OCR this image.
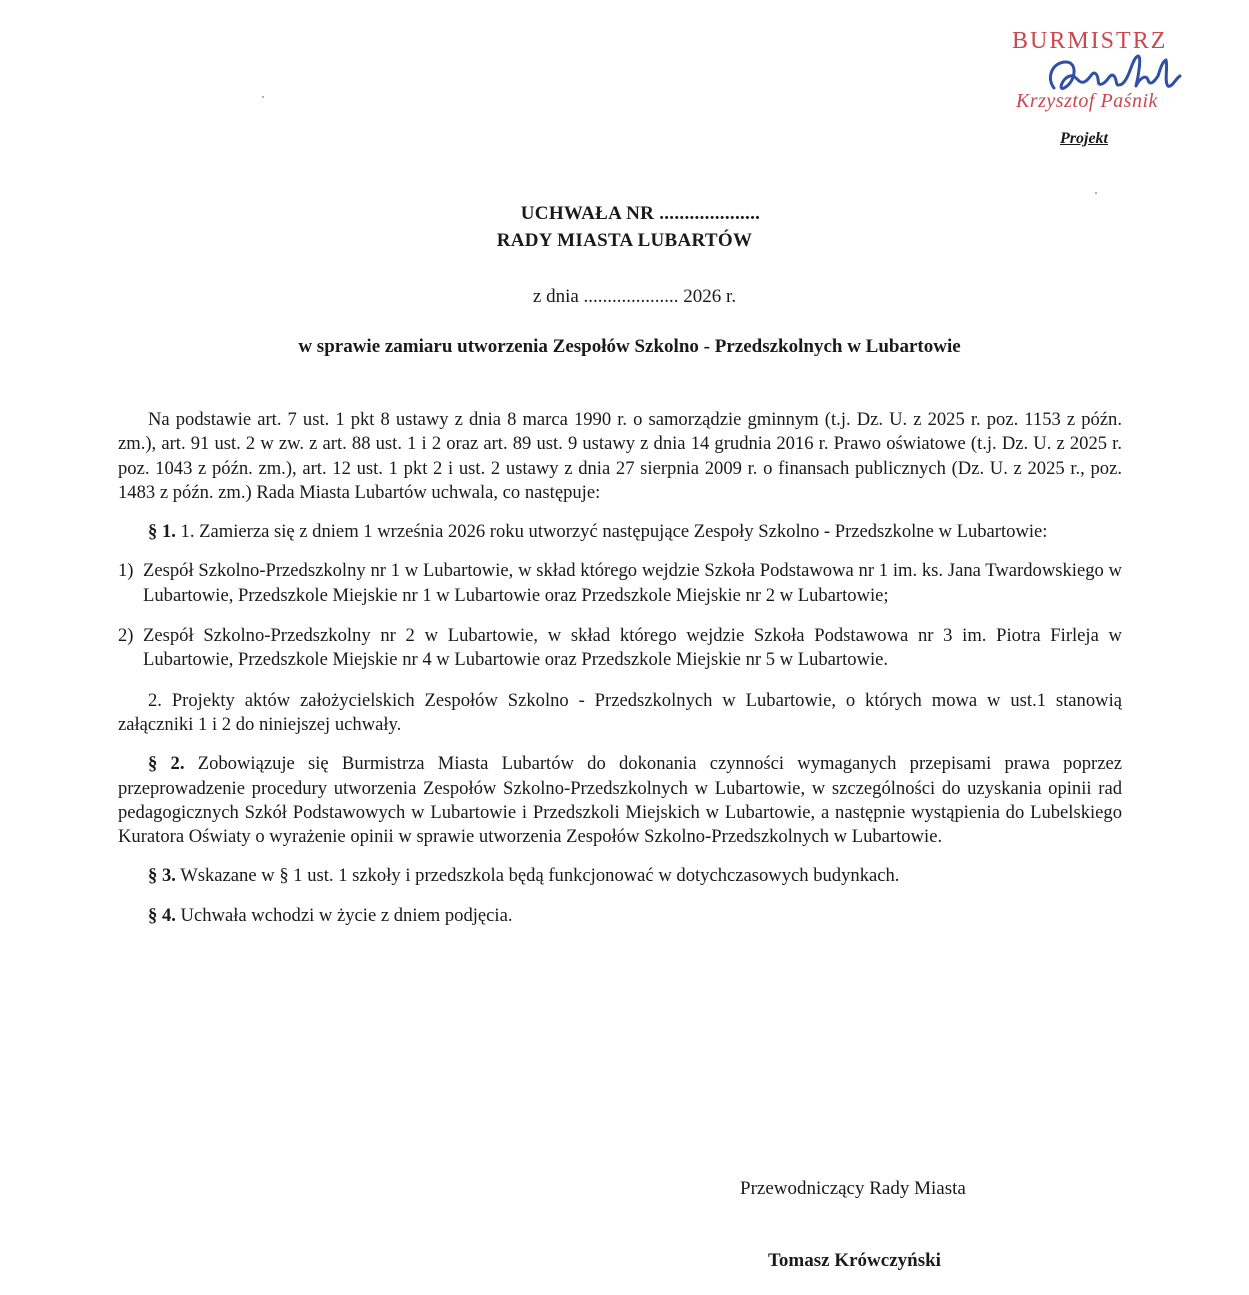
BURMISTRZ
Krzysztof Paśnik
Projekt
UCHWAŁA NR ....................
RADY MIASTA LUBARTÓW
z dnia .................... 2026 r.
w sprawie zamiaru utworzenia Zespołów Szkolno - Przedszkolnych w Lubartowie

Na podstawie art. 7 ust. 1 pkt 8 ustawy z dnia 8 marca 1990 r. o samorządzie gminnym (t.j. Dz. U. z 2025 r. poz. 1153 z późn. zm.), art. 91 ust. 2 w zw. z art. 88 ust. 1 i 2 oraz art. 89 ust. 9 ustawy z dnia 14 grudnia 2016 r. Prawo oświatowe (t.j. Dz. U. z 2025 r. poz. 1043 z późn. zm.), art. 12 ust. 1 pkt 2 i ust. 2 ustawy z dnia 27 sierpnia 2009 r. o finansach publicznych (Dz. U. z 2025 r., poz. 1483 z późn. zm.) Rada Miasta Lubartów uchwala, co następuje:

§ 1. 1. Zamierza się z dniem 1 września 2026 roku utworzyć następujące Zespoły Szkolno - Przedszkolne w Lubartowie:

1) Zespół Szkolno-Przedszkolny nr 1 w Lubartowie, w skład którego wejdzie Szkoła Podstawowa nr 1 im. ks. Jana Twardowskiego w Lubartowie, Przedszkole Miejskie nr 1 w Lubartowie oraz Przedszkole Miejskie nr 2 w Lubartowie;
2) Zespół Szkolno-Przedszkolny nr 2 w Lubartowie, w skład którego wejdzie Szkoła Podstawowa nr 3 im. Piotra Firleja w Lubartowie, Przedszkole Miejskie nr 4 w Lubartowie oraz Przedszkole Miejskie nr 5 w Lubartowie.

2. Projekty aktów założycielskich Zespołów Szkolno - Przedszkolnych w Lubartowie, o których mowa w ust.1 stanowią załączniki 1 i 2 do niniejszej uchwały.

§ 2. Zobowiązuje się Burmistrza Miasta Lubartów do dokonania czynności wymaganych przepisami prawa poprzez przeprowadzenie procedury utworzenia Zespołów Szkolno-Przedszkolnych w Lubartowie, w szczególności do uzyskania opinii rad pedagogicznych Szkół Podstawowych w Lubartowie i Przedszkoli Miejskich w Lubartowie, a następnie wystąpienia do Lubelskiego Kuratora Oświaty o wyrażenie opinii w sprawie utworzenia Zespołów Szkolno-Przedszkolnych w Lubartowie.

§ 3. Wskazane w § 1 ust. 1 szkoły i przedszkola będą funkcjonować w dotychczasowych budynkach.

§ 4. Uchwała wchodzi w życie z dniem podjęcia.

Przewodniczący Rady Miasta
Tomasz Krówczyński
